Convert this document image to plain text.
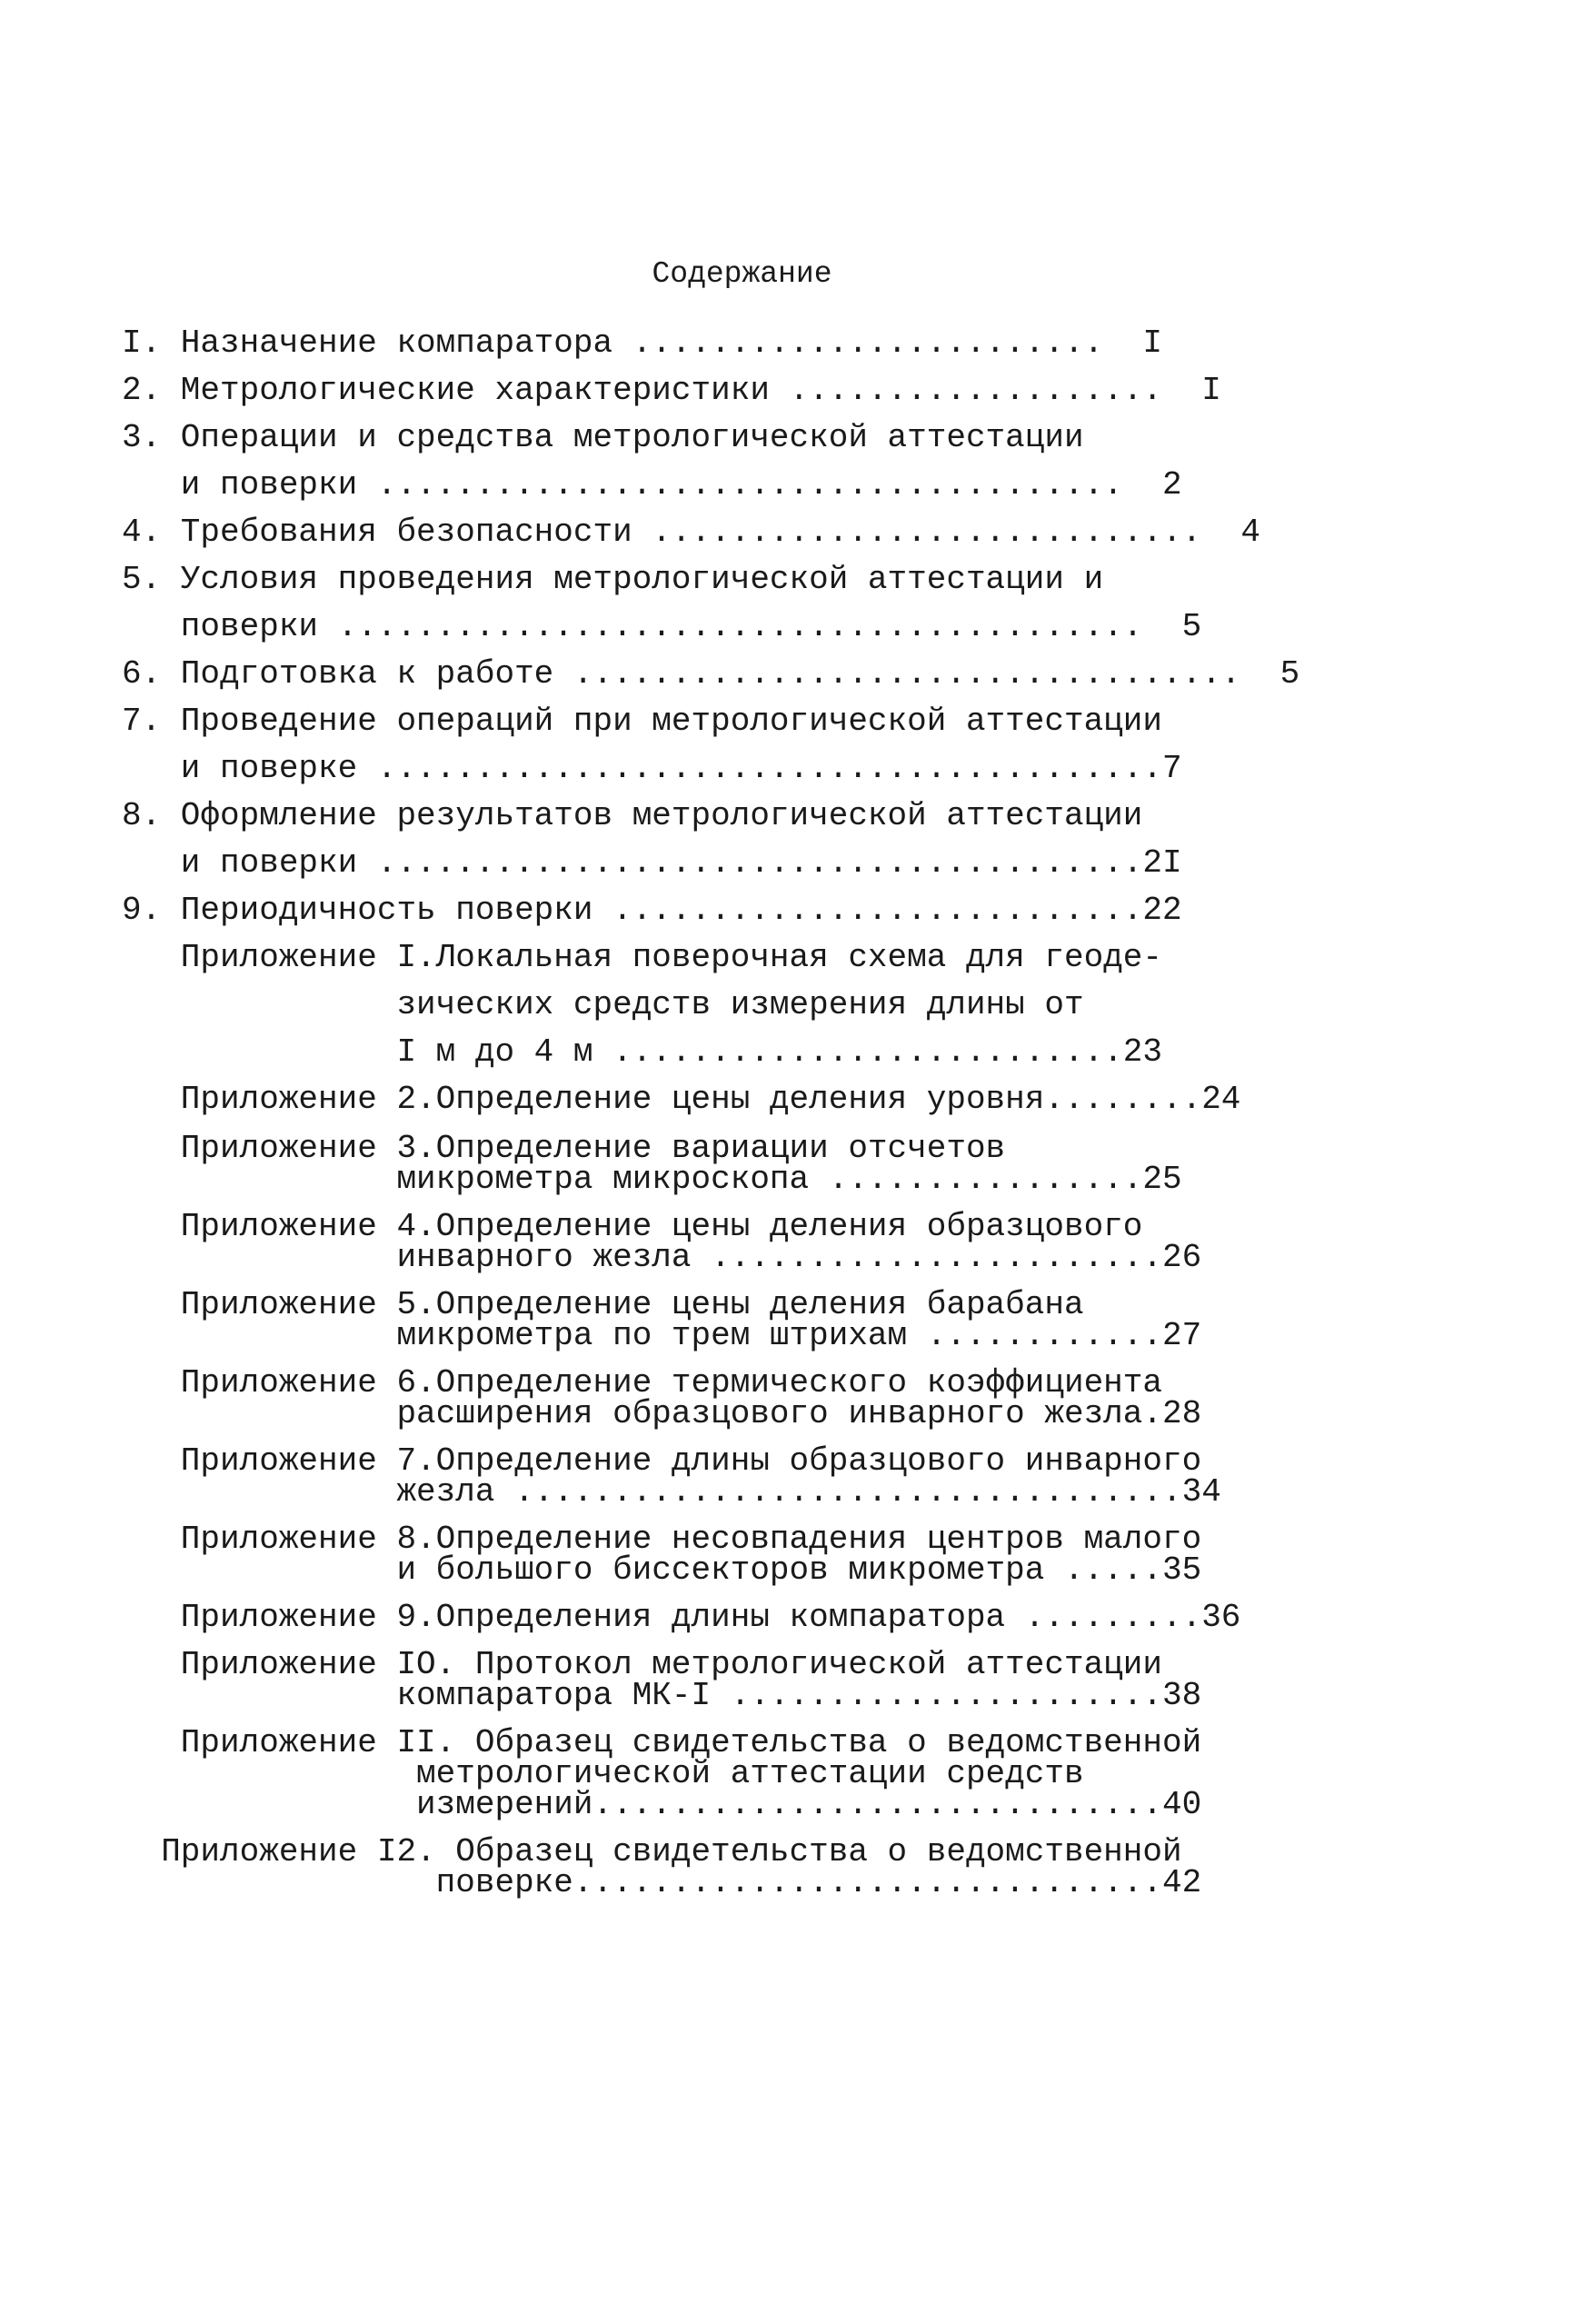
Содержание
I. Назначение компаратора ........................  I
2. Метрологические характеристики ...................  I
3. Операции и средства метрологической аттестации
и поверки ......................................  2
4. Требования безопасности ............................  4
5. Условия проведения метрологической аттестации и
поверки .........................................  5
6. Подготовка к работе ..................................  5
7. Проведение операций при метрологической аттестации
и поверке ........................................7
8. Оформление результатов метрологической аттестации
и поверки .......................................2I
9. Периодичность поверки ...........................22
Приложение I.Локальная поверочная схема для геоде-
зических средств измерения длины от
I м до 4 м ..........................23
Приложение 2.Определение цены деления уровня........24
Приложение 3.Определение вариации отсчетов
микрометра микроскопа ................25
Приложение 4.Определение цены деления образцового
инварного жезла .......................26
Приложение 5.Определение цены деления барабана
микрометра по трем штрихам ............27
Приложение 6.Определение термического коэффициента
расширения образцового инварного жезла.28
Приложение 7.Определение длины образцового инварного
жезла ..................................34
Приложение 8.Определение несовпадения центров малого
и большого биссекторов микрометра .....35
Приложение 9.Определения длины компаратора .........36
Приложение IO. Протокол метрологической аттестации
компаратора МК-I ......................38
Приложение II. Образец свидетельства о ведомственной
метрологической аттестации средств
измерений.............................40
Приложение I2. Образец свидетельства о ведомственной
поверке..............................42
